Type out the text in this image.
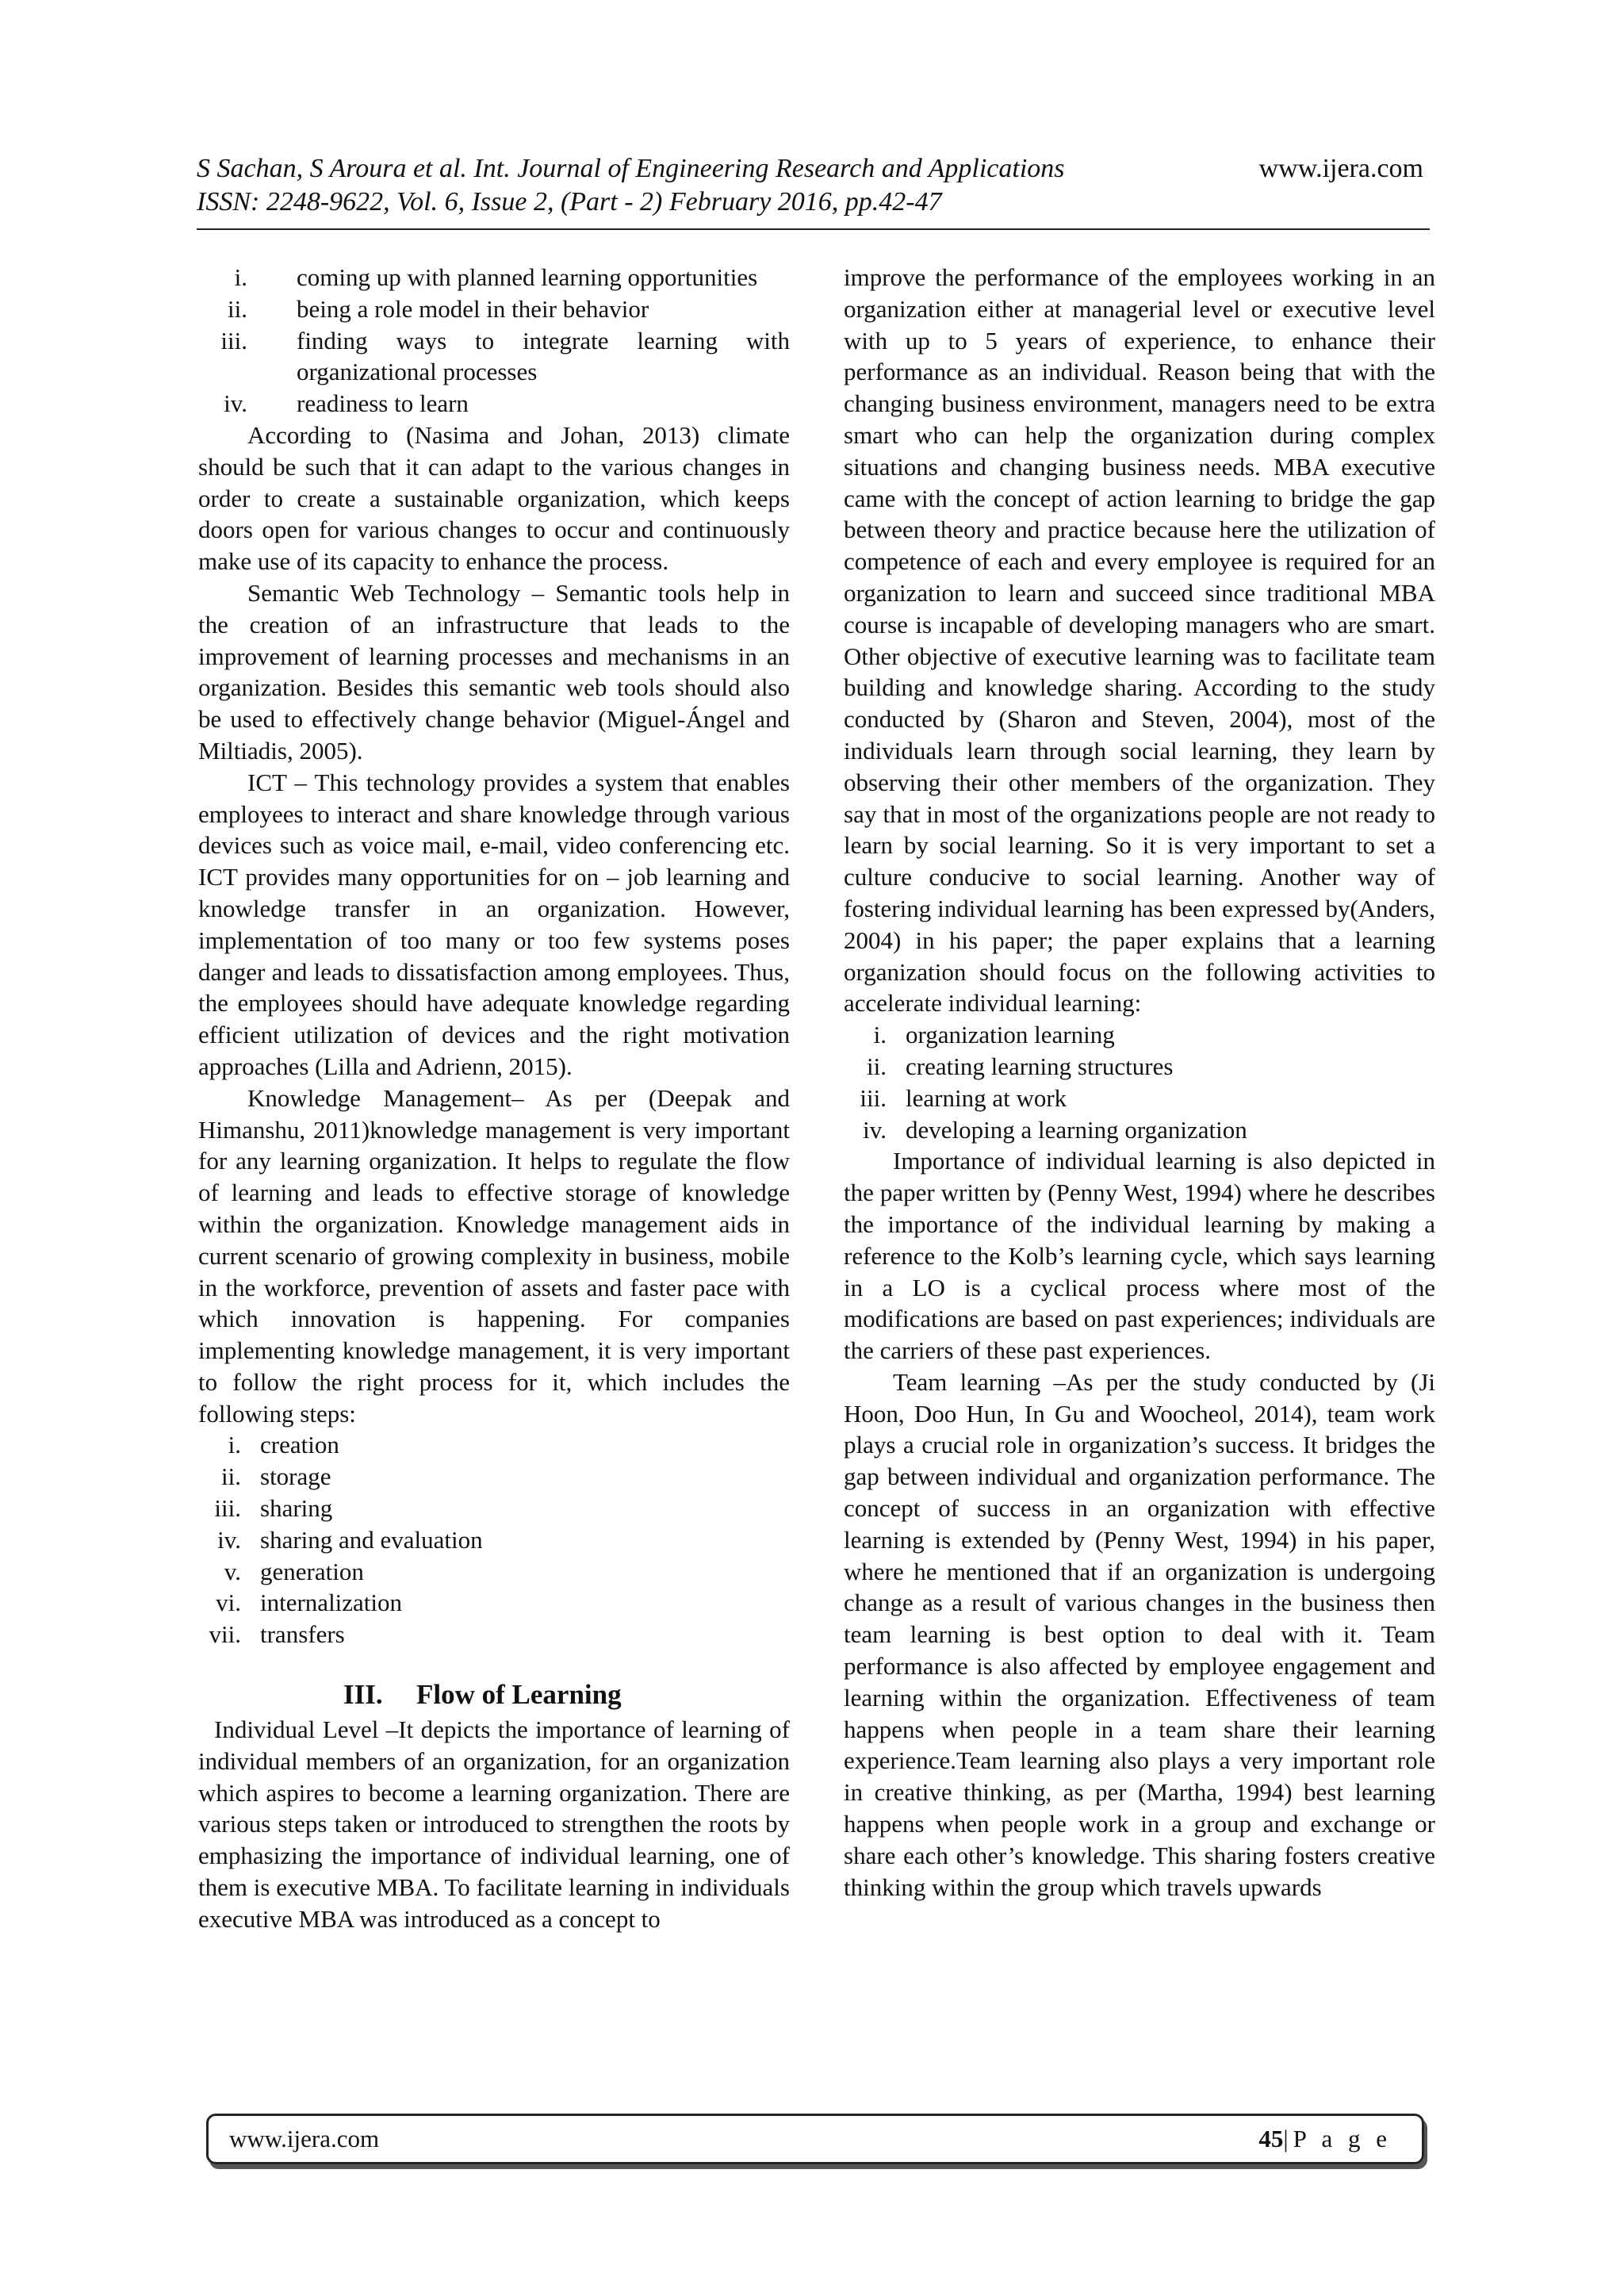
S Sachan, S Aroura et al. Int. Journal of Engineering Research and Applications
ISSN: 2248-9622, Vol. 6, Issue 2, (Part - 2) February 2016, pp.42-47
www.ijera.com
i. coming up with planned learning opportunities
ii. being a role model in their behavior
iii. finding ways to integrate learning with organizational processes
iv. readiness to learn

According to (Nasima and Johan, 2013) climate should be such that it can adapt to the various changes in order to create a sustainable organization, which keeps doors open for various changes to occur and continuously make use of its capacity to enhance the process.

Semantic Web Technology – Semantic tools help in the creation of an infrastructure that leads to the improvement of learning processes and mechanisms in an organization. Besides this semantic web tools should also be used to effectively change behavior (Miguel-Ángel and Miltiadis, 2005).

ICT – This technology provides a system that enables employees to interact and share knowledge through various devices such as voice mail, e-mail, video conferencing etc. ICT provides many opportunities for on – job learning and knowledge transfer in an organization. However, implementation of too many or too few systems poses danger and leads to dissatisfaction among employees. Thus, the employees should have adequate knowledge regarding efficient utilization of devices and the right motivation approaches (Lilla and Adrienn, 2015).

Knowledge Management– As per (Deepak and Himanshu, 2011)knowledge management is very important for any learning organization. It helps to regulate the flow of learning and leads to effective storage of knowledge within the organization. Knowledge management aids in current scenario of growing complexity in business, mobile in the workforce, prevention of assets and faster pace with which innovation is happening. For companies implementing knowledge management, it is very important to follow the right process for it, which includes the following steps:

i. creation
ii. storage
iii. sharing
iv. sharing and evaluation
v. generation
vi. internalization
vii. transfers
III. Flow of Learning

Individual Level –It depicts the importance of learning of individual members of an organization, for an organization which aspires to become a learning organization. There are various steps taken or introduced to strengthen the roots by emphasizing the importance of individual learning, one of them is executive MBA. To facilitate learning in individuals executive MBA was introduced as a concept to

improve the performance of the employees working in an organization either at managerial level or executive level with up to 5 years of experience, to enhance their performance as an individual. Reason being that with the changing business environment, managers need to be extra smart who can help the organization during complex situations and changing business needs. MBA executive came with the concept of action learning to bridge the gap between theory and practice because here the utilization of competence of each and every employee is required for an organization to learn and succeed since traditional MBA course is incapable of developing managers who are smart. Other objective of executive learning was to facilitate team building and knowledge sharing. According to the study conducted by (Sharon and Steven, 2004), most of the individuals learn through social learning, they learn by observing their other members of the organization. They say that in most of the organizations people are not ready to learn by social learning. So it is very important to set a culture conducive to social learning. Another way of fostering individual learning has been expressed by(Anders, 2004) in his paper; the paper explains that a learning organization should focus on the following activities to accelerate individual learning:

i. organization learning
ii. creating learning structures
iii. learning at work
iv. developing a learning organization

Importance of individual learning is also depicted in the paper written by (Penny West, 1994) where he describes the importance of the individual learning by making a reference to the Kolb’s learning cycle, which says learning in a LO is a cyclical process where most of the modifications are based on past experiences; individuals are the carriers of these past experiences.

Team learning –As per the study conducted by (Ji Hoon, Doo Hun, In Gu and Woocheol, 2014), team work plays a crucial role in organization’s success. It bridges the gap between individual and organization performance. The concept of success in an organization with effective learning is extended by (Penny West, 1994) in his paper, where he mentioned that if an organization is undergoing change as a result of various changes in the business then team learning is best option to deal with it. Team performance is also affected by employee engagement and learning within the organization. Effectiveness of team happens when people in a team share their learning experience.Team learning also plays a very important role in creative thinking, as per (Martha, 1994) best learning happens when people work in a group and exchange or share each other’s knowledge. This sharing fosters creative thinking within the group which travels upwards

www.ijera.com	45|P a g e
